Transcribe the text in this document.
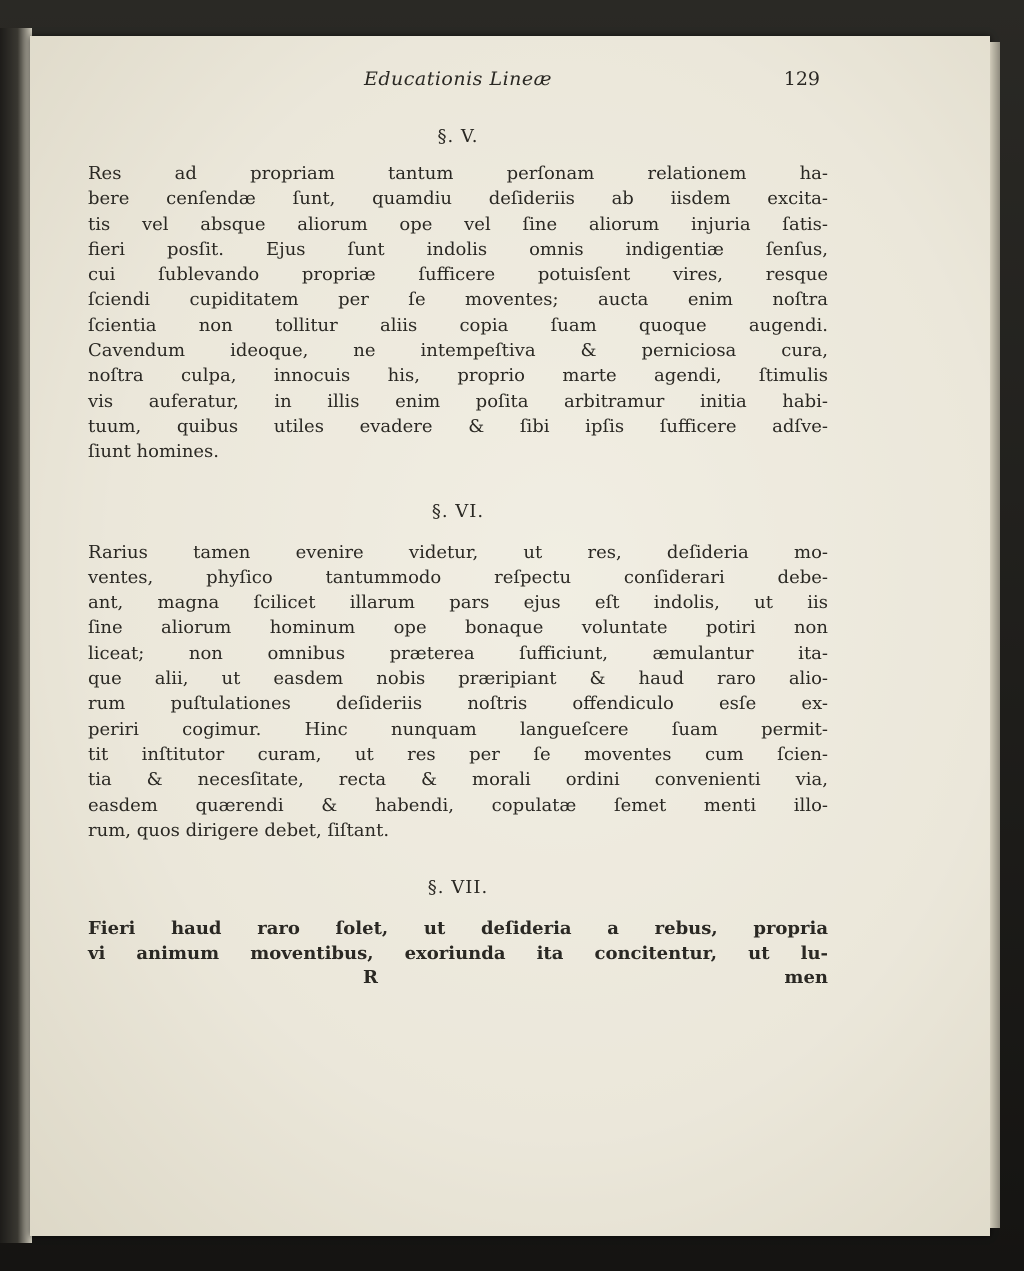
Educationis Lineæ	129

§. V.

Res ad propriam tantum perſonam relationem ha-
bere cenſendæ ſunt, quamdiu deſideriis ab iisdem excita-
tis vel absque aliorum ope vel ſine aliorum injuria ſatis-
fieri posſit. Ejus ſunt indolis omnis indigentiæ ſenſus,
cui ſublevando propriæ ſufficere potuisſent vires, resque
ſciendi cupiditatem per ſe moventes; aucta enim noſtra
ſcientia non tollitur aliis copia ſuam quoque augendi.
Cavendum ideoque, ne intempeſtiva & perniciosa cura,
noſtra culpa, innocuis his, proprio marte agendi, ſtimulis
vis auferatur, in illis enim poſita arbitramur initia habi-
tuum, quibus utiles evadere & ſibi ipſis ſufficere adſve-
ſiunt homines.

§. VI.

Rarius tamen evenire videtur, ut res, deſideria mo-
ventes, phyſico tantummodo reſpectu conſiderari debe-
ant, magna ſcilicet illarum pars ejus eſt indolis, ut iis
ſine aliorum hominum ope bonaque voluntate potiri non
liceat; non omnibus præterea ſufficiunt, æmulantur ita-
que alii, ut easdem nobis præripiant & haud raro alio-
rum puſtulationes deſideriis noſtris offendiculo esſe ex-
periri cogimur. Hinc nunquam langueſcere ſuam permit-
tit inſtitutor curam, ut res per ſe moventes cum ſcien-
tia & necesſitate, recta & morali ordini convenienti via,
easdem quærendi & habendi, copulatæ ſemet menti illo-
rum, quos dirigere debet, ſiſtant.

§. VII.

Fieri haud raro ſolet, ut deſideria a rebus, propria
vi animum moventibus, exoriunda ita concitentur, ut lu-
R	men
